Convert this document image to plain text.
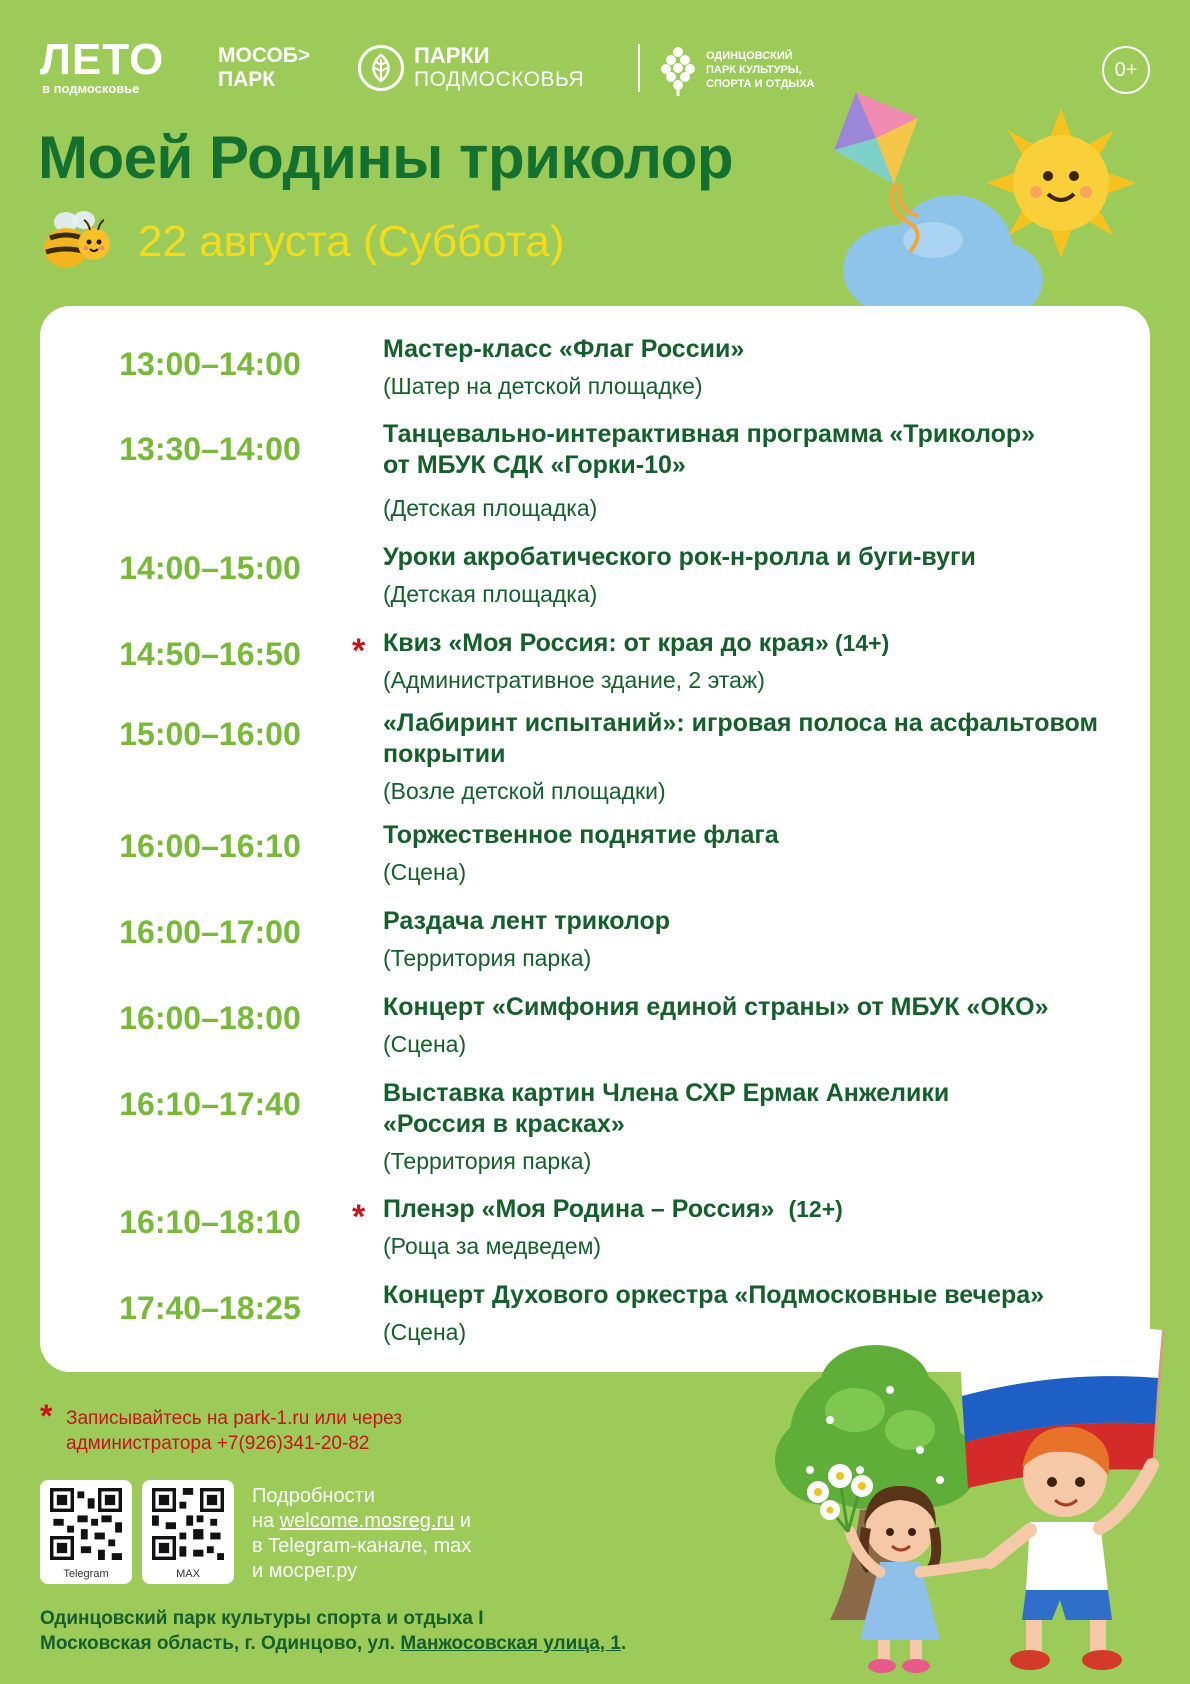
ЛЕТО
в подмосковье
МОСОБ>
ПАРК
ПАРКИ
ПОДМОСКОВЬЯ
ОДИНЦОВСКИЙ
ПАРК КУЛЬТУРЫ,
СПОРТА И ОТДЫХА
0+
Моей Родины триколор
22 августа (Суббота)
13:00–14:00	Мастер-класс «Флаг России»
(Шатер на детской площадке)
13:30–14:00	Танцевально-интерактивная программа «Триколор»
от МБУК СДК «Горки-10»
(Детская площадка)
14:00–15:00	Уроки акробатического рок-н-ролла и буги-вуги
(Детская площадка)
14:50–16:50	* Квиз «Моя Россия: от края до края» (14+)
(Административное здание, 2 этаж)
15:00–16:00	«Лабиринт испытаний»: игровая полоса на асфальтовом
покрытии
(Возле детской площадки)
16:00–16:10	Торжественное поднятие флага
(Сцена)
16:00–17:00	Раздача лент триколор
(Территория парка)
16:00–18:00	Концерт «Симфония единой страны» от МБУК «ОКО»
(Сцена)
16:10–17:40	Выставка картин Члена СХР Ермак Анжелики
«Россия в красках»
(Территория парка)
16:10–18:10	* Пленэр «Моя Родина – Россия» (12+)
(Роща за медведем)
17:40–18:25	Концерт Духового оркестра «Подмосковные вечера»
(Сцена)
* Записывайтесь на park-1.ru или через
администратора +7(926)341-20-82
Telegram	MAX
Подробности
на welcome.mosreg.ru и
в Telegram-канале, max
и мосрег.ру
Одинцовский парк культуры спорта и отдыха I
Московская область, г. Одинцово, ул. Манжосовская улица, 1.
